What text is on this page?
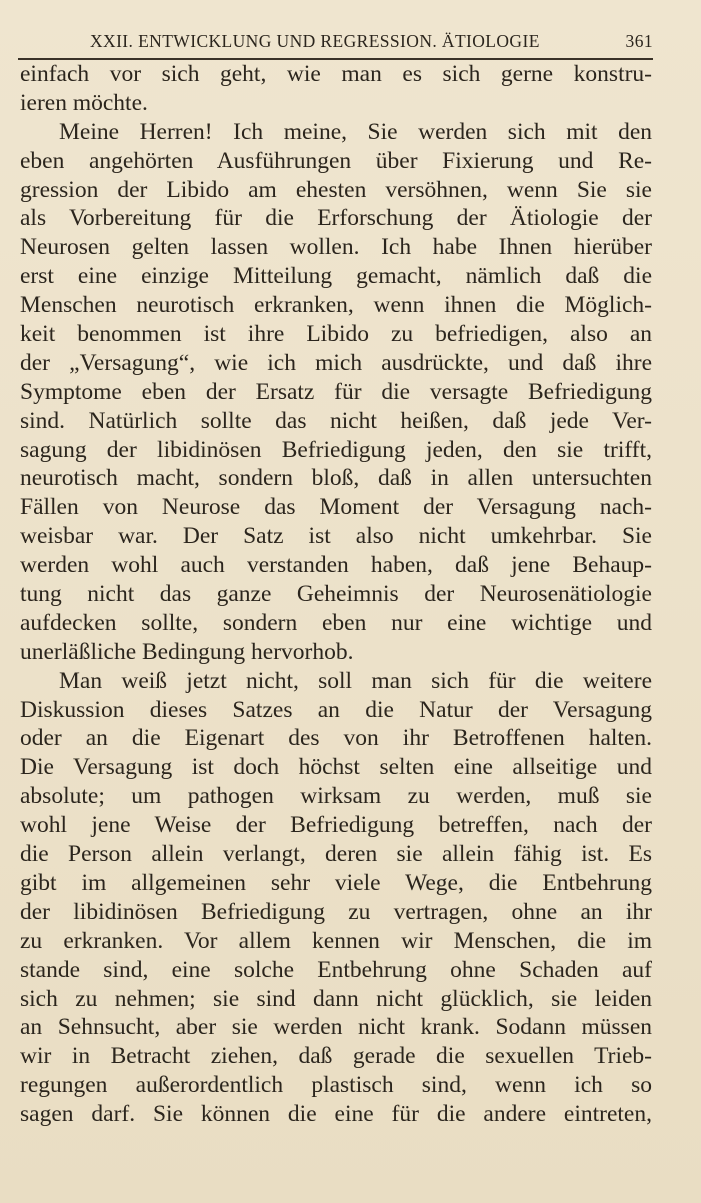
XXII. ENTWICKLUNG UND REGRESSION. ÄTIOLOGIE	361
einfach vor sich geht, wie man es sich gerne konstru-
ieren möchte.
Meine Herren! Ich meine, Sie werden sich mit den
eben angehörten Ausführungen über Fixierung und Re-
gression der Libido am ehesten versöhnen, wenn Sie sie
als Vorbereitung für die Erforschung der Ätiologie der
Neurosen gelten lassen wollen. Ich habe Ihnen hierüber
erst eine einzige Mitteilung gemacht, nämlich daß die
Menschen neurotisch erkranken, wenn ihnen die Möglich-
keit benommen ist ihre Libido zu befriedigen, also an
der „Versagung“, wie ich mich ausdrückte, und daß ihre
Symptome eben der Ersatz für die versagte Befriedigung
sind. Natürlich sollte das nicht heißen, daß jede Ver-
sagung der libidinösen Befriedigung jeden, den sie trifft,
neurotisch macht, sondern bloß, daß in allen untersuchten
Fällen von Neurose das Moment der Versagung nach-
weisbar war. Der Satz ist also nicht umkehrbar. Sie
werden wohl auch verstanden haben, daß jene Behaup-
tung nicht das ganze Geheimnis der Neurosenätiologie
aufdecken sollte, sondern eben nur eine wichtige und
unerläßliche Bedingung hervorhob.
Man weiß jetzt nicht, soll man sich für die weitere
Diskussion dieses Satzes an die Natur der Versagung
oder an die Eigenart des von ihr Betroffenen halten.
Die Versagung ist doch höchst selten eine allseitige und
absolute; um pathogen wirksam zu werden, muß sie
wohl jene Weise der Befriedigung betreffen, nach der
die Person allein verlangt, deren sie allein fähig ist. Es
gibt im allgemeinen sehr viele Wege, die Entbehrung
der libidinösen Befriedigung zu vertragen, ohne an ihr
zu erkranken. Vor allem kennen wir Menschen, die im
stande sind, eine solche Entbehrung ohne Schaden auf
sich zu nehmen; sie sind dann nicht glücklich, sie leiden
an Sehnsucht, aber sie werden nicht krank. Sodann müssen
wir in Betracht ziehen, daß gerade die sexuellen Trieb-
regungen außerordentlich plastisch sind, wenn ich so
sagen darf. Sie können die eine für die andere eintreten,
